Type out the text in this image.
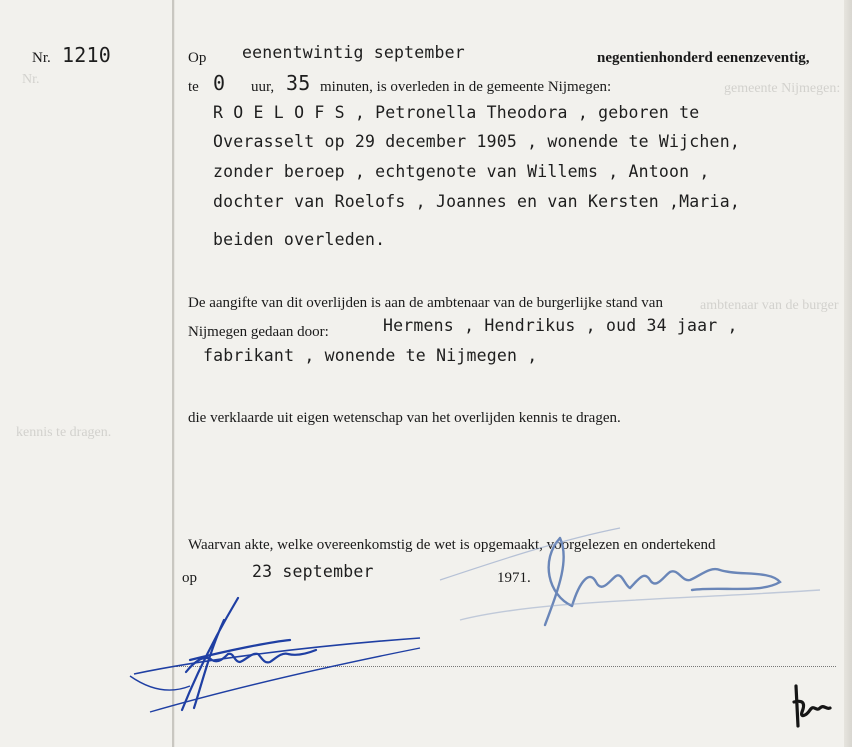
Nr.
kennis te dragen.
gemeente Nijmegen:
ambtenaar van de burger
Nr. 1210	Op eenentwintig september	negentienhonderd eenenzeventig,
te 0 uur, 35 minuten, is overleden in de gemeente Nijmegen:
R O E L O F S , Petronella Theodora , geboren te
Overasselt op 29 december 1905 , wonende te Wijchen,
zonder beroep , echtgenote van Willems , Antoon ,
dochter van Roelofs , Joannes en van Kersten ,Maria,
beiden overleden.
De aangifte van dit overlijden is aan de ambtenaar van de burgerlijke stand van
Nijmegen gedaan door:	Hermens , Hendrikus , oud 34 jaar ,
fabrikant , wonende te Nijmegen ,
die verklaarde uit eigen wetenschap van het overlijden kennis te dragen.
Waarvan akte, welke overeenkomstig de wet is opgemaakt, voorgelezen en ondertekend
op	23 september	1971.
